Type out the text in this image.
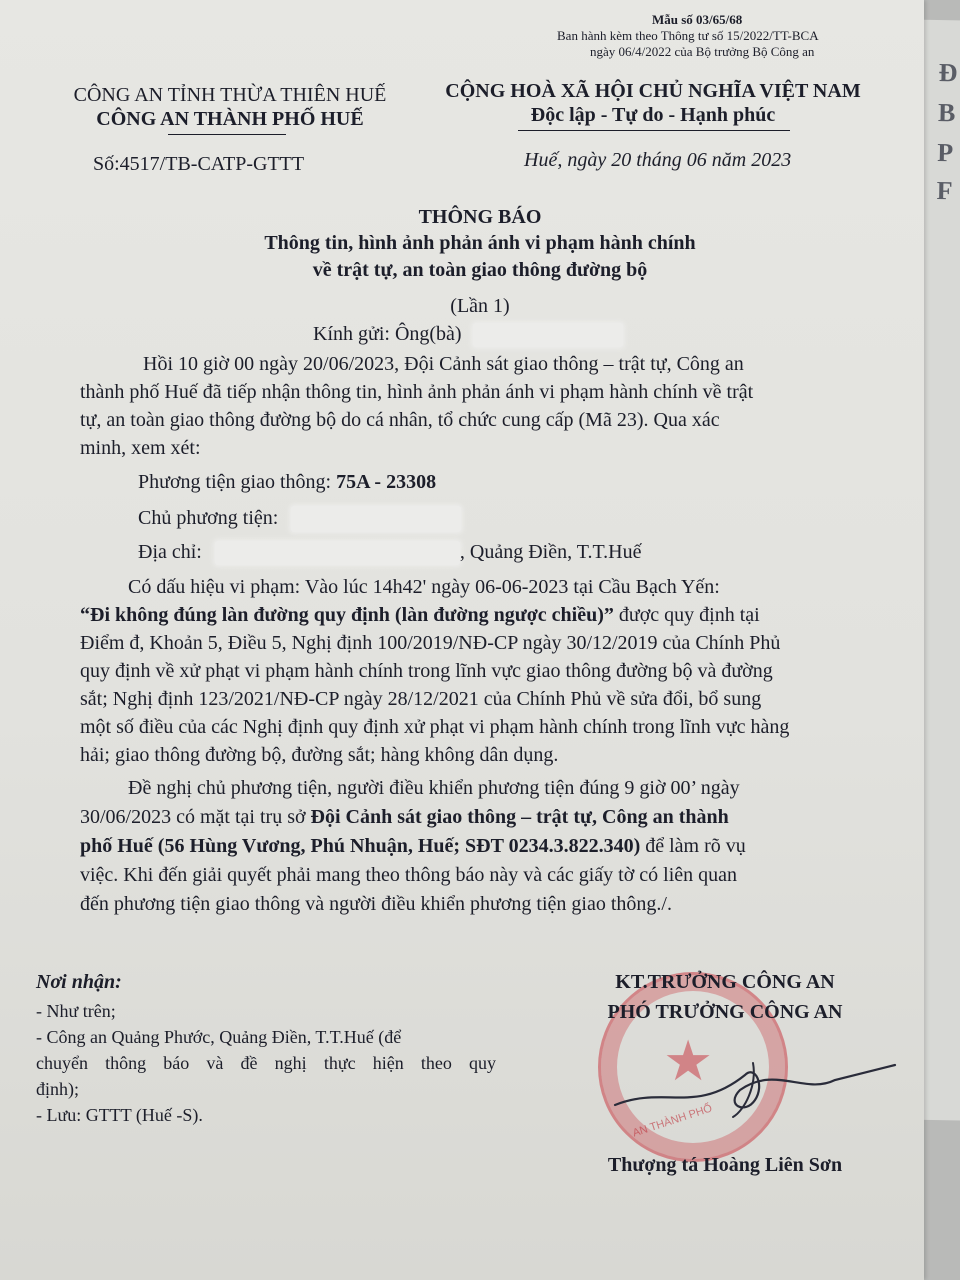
Đ
B
P
F
Mẫu số 03/65/68
Ban hành kèm theo Thông tư số 15/2022/TT-BCA
ngày 06/4/2022 của Bộ trưởng Bộ Công an
CÔNG AN TỈNH THỪA THIÊN HUẾ
CÔNG AN THÀNH PHỐ HUẾ
Số:4517/TB-CATP-GTTT
CỘNG HOÀ XÃ HỘI CHỦ NGHĨA VIỆT NAM
Độc lập - Tự do - Hạnh phúc
Huế, ngày 20 tháng 06 năm 2023
THÔNG BÁO
Thông tin, hình ảnh phản ánh vi phạm hành chính
về trật tự, an toàn giao thông đường bộ
(Lần 1)
Kính gửi: Ông(bà)
Hồi 10 giờ 00 ngày 20/06/2023, Đội Cảnh sát giao thông – trật tự, Công an
thành phố Huế đã tiếp nhận thông tin, hình ảnh phản ánh vi phạm hành chính về trật
tự, an toàn giao thông đường bộ do cá nhân, tổ chức cung cấp (Mã 23). Qua xác
minh, xem xét:
Phương tiện giao thông: 75A - 23308
Chủ phương tiện:
Địa chỉ:	, Quảng Điền, T.T.Huế
Có dấu hiệu vi phạm: Vào lúc 14h42' ngày 06-06-2023 tại Cầu Bạch Yến:
“Đi không đúng làn đường quy định (làn đường ngược chiều)” được quy định tại
Điểm đ, Khoản 5, Điều 5, Nghị định 100/2019/NĐ-CP ngày 30/12/2019 của Chính Phủ
quy định về xử phạt vi phạm hành chính trong lĩnh vực giao thông đường bộ và đường
sắt; Nghị định 123/2021/NĐ-CP ngày 28/12/2021 của Chính Phủ về sửa đổi, bổ sung
một số điều của các Nghị định quy định xử phạt vi phạm hành chính trong lĩnh vực hàng
hải; giao thông đường bộ, đường sắt; hàng không dân dụng.
Đề nghị chủ phương tiện, người điều khiển phương tiện đúng 9 giờ 00’ ngày
30/06/2023 có mặt tại trụ sở Đội Cảnh sát giao thông – trật tự, Công an thành
phố Huế (56 Hùng Vương, Phú Nhuận, Huế; SĐT 0234.3.822.340) để làm rõ vụ
việc. Khi đến giải quyết phải mang theo thông báo này và các giấy tờ có liên quan
đến phương tiện giao thông và người điều khiển phương tiện giao thông./.
Nơi nhận:
- Như trên;
- Công an Quảng Phước, Quảng Điền, T.T.Huế (để
chuyển thông báo và đề nghị thực hiện theo quy
định);
- Lưu: GTTT (Huế -S).
★
AN THÀNH PHỐ
KT.TRƯỞNG CÔNG AN
PHÓ TRƯỞNG CÔNG AN
Thượng tá Hoàng Liên Sơn
